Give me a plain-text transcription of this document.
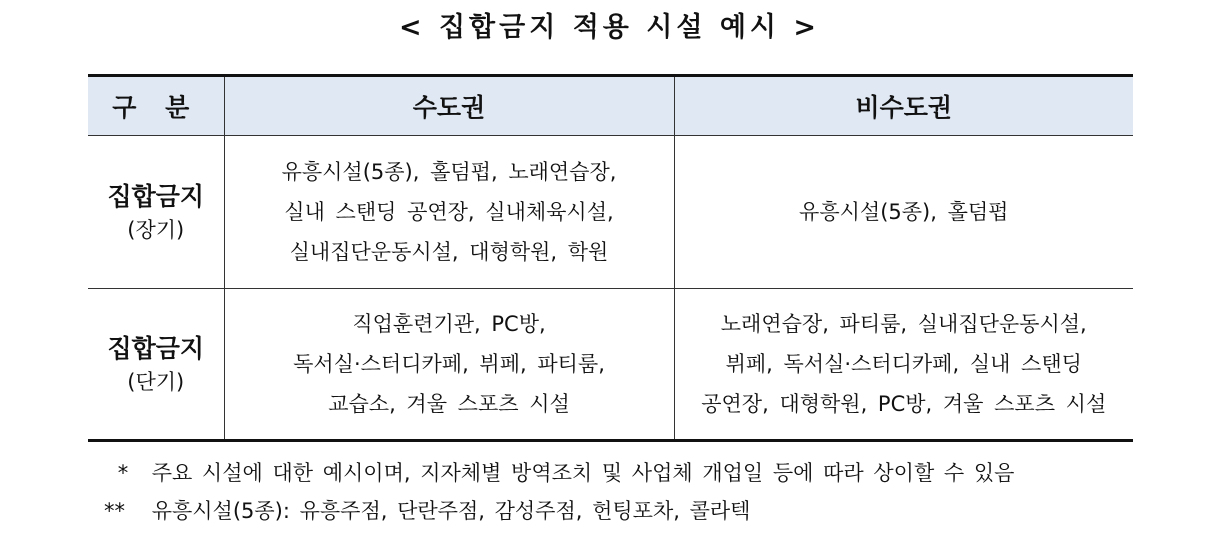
< 집합금지 적용 시설 예시 >
구 분	수도권	비수도권

집합금지
(장기)	유흥시설(5종), 홀덤펍, 노래연습장,
실내 스탠딩 공연장, 실내체육시설,
실내집단운동시설, 대형학원, 학원	유흥시설(5종), 홀덤펍

집합금지
(단기)	직업훈련기관, PC방,
독서실·스터디카페, 뷔페, 파티룸,
교습소, 겨울 스포츠 시설	노래연습장, 파티룸, 실내집단운동시설,
뷔페, 독서실·스터디카페, 실내 스탠딩
공연장, 대형학원, PC방, 겨울 스포츠 시설
* 주요 시설에 대한 예시이며, 지자체별 방역조치 및 사업체 개업일 등에 따라 상이할 수 있음
** 유흥시설(5종): 유흥주점, 단란주점, 감성주점, 헌팅포차, 콜라텍
